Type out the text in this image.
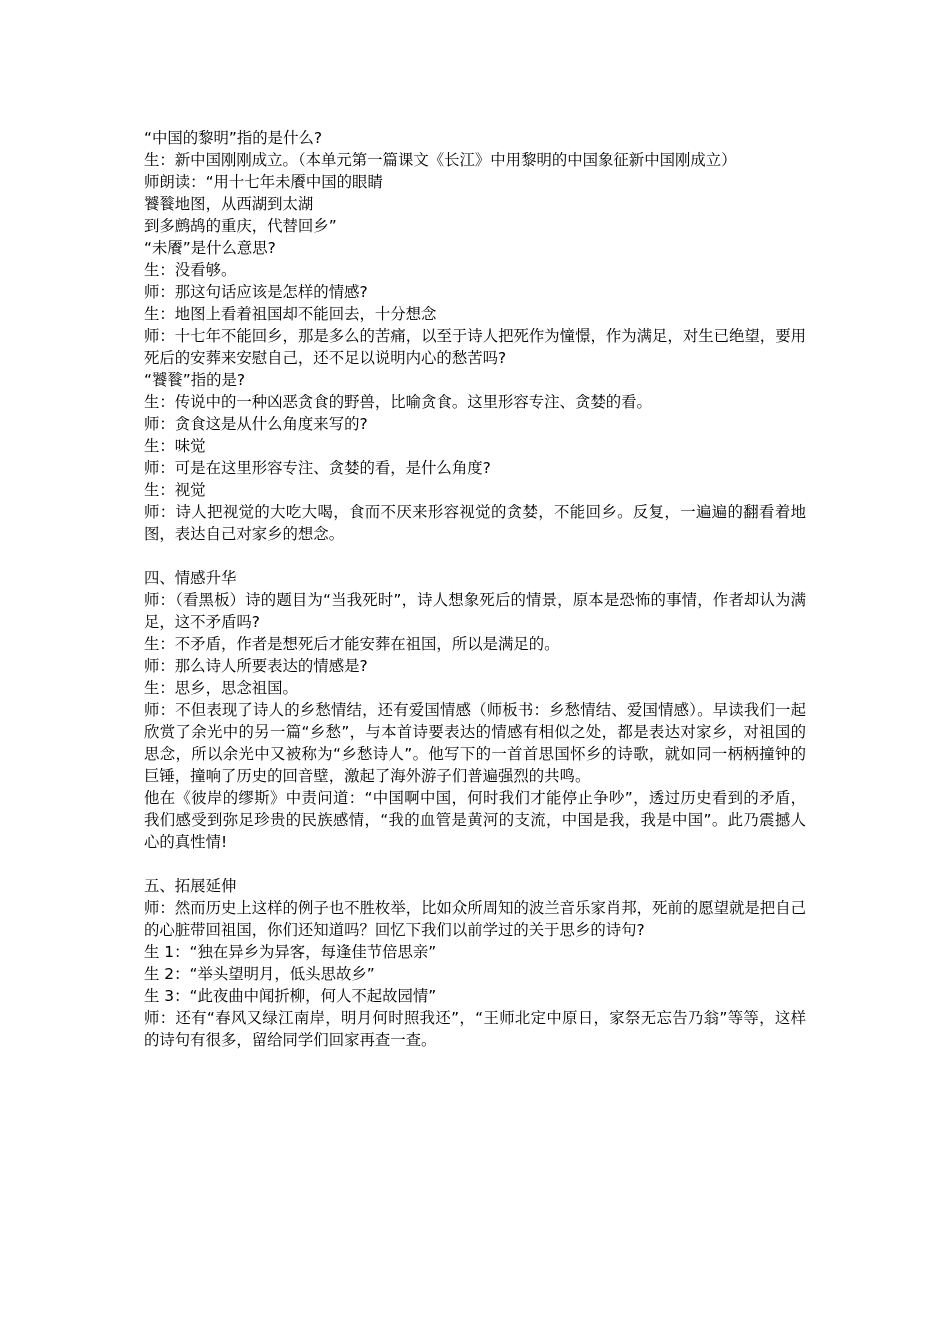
“中国的黎明”指的是什么?
生：新中国刚刚成立。（本单元第一篇课文《长江》中用黎明的中国象征新中国刚成立）
师朗读：“用十七年未餍中国的眼睛
饕餮地图，从西湖到太湖
到多鹧鸪的重庆，代替回乡”
“未餍”是什么意思?
生：没看够。
师：那这句话应该是怎样的情感?
生：地图上看着祖国却不能回去，十分想念
师：十七年不能回乡，那是多么的苦痛，以至于诗人把死作为憧憬，作为满足，对生已绝望，要用死后的安葬来安慰自己，还不足以说明内心的愁苦吗?
“饕餮”指的是?
生：传说中的一种凶恶贪食的野兽，比喻贪食。这里形容专注、贪婪的看。
师：贪食这是从什么角度来写的?
生：味觉
师：可是在这里形容专注、贪婪的看，是什么角度?
生：视觉
师：诗人把视觉的大吃大喝，食而不厌来形容视觉的贪婪，不能回乡。反复，一遍遍的翻看着地图，表达自己对家乡的想念。
四、情感升华
师：（看黑板）诗的题目为“当我死时”，诗人想象死后的情景，原本是恐怖的事情，作者却认为满足，这不矛盾吗?
生：不矛盾，作者是想死后才能安葬在祖国，所以是满足的。
师：那么诗人所要表达的情感是?
生：思乡，思念祖国。
师：不但表现了诗人的乡愁情结，还有爱国情感（师板书：乡愁情结、爱国情感）。早读我们一起欣赏了余光中的另一篇“乡愁”，与本首诗要表达的情感有相似之处，都是表达对家乡，对祖国的思念，所以余光中又被称为“乡愁诗人”。他写下的一首首思国怀乡的诗歌，就如同一柄柄撞钟的巨锤，撞响了历史的回音壁，激起了海外游子们普遍强烈的共鸣。
他在《彼岸的缪斯》中责问道：“中国啊中国，何时我们才能停止争吵”，透过历史看到的矛盾，我们感受到弥足珍贵的民族感情，“我的血管是黄河的支流，中国是我，我是中国”。此乃震撼人心的真性情!
五、拓展延伸
师：然而历史上这样的例子也不胜枚举，比如众所周知的波兰音乐家肖邦，死前的愿望就是把自己的心脏带回祖国，你们还知道吗？回忆下我们以前学过的关于思乡的诗句?
生 1：“独在异乡为异客，每逢佳节倍思亲”
生 2：“举头望明月，低头思故乡”
生 3：“此夜曲中闻折柳，何人不起故园情”
师：还有“春风又绿江南岸，明月何时照我还”，“王师北定中原日，家祭无忘告乃翁”等等，这样的诗句有很多，留给同学们回家再查一查。
